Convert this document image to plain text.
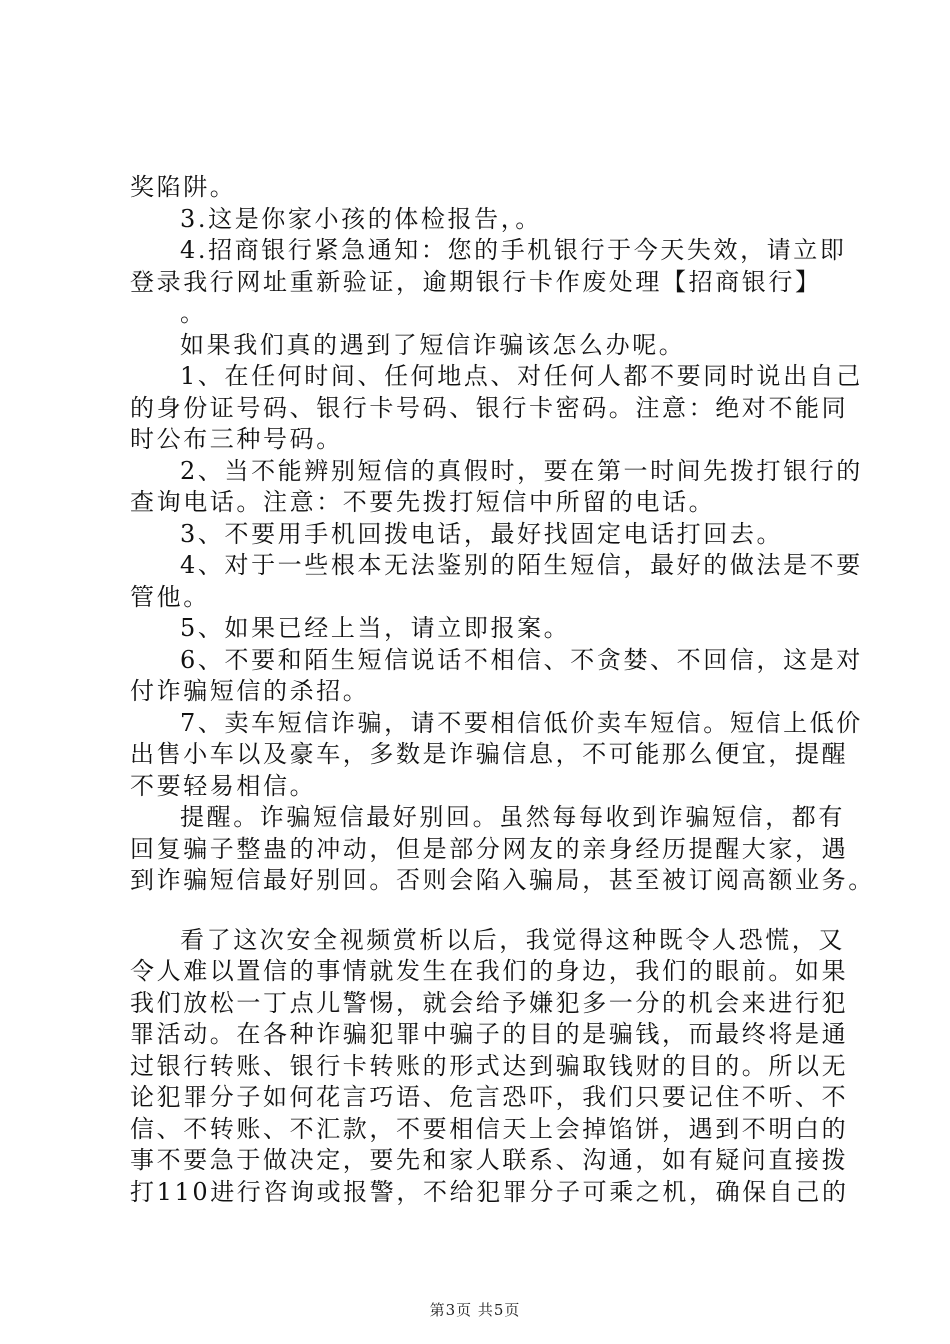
奖陷阱。
3.这是你家小孩的体检报告，。
4.招商银行紧急通知：您的手机银行于今天失效，请立即
登录我行网址重新验证，逾期银行卡作废处理【招商银行】
。
如果我们真的遇到了短信诈骗该怎么办呢。
1、在任何时间、任何地点、对任何人都不要同时说出自己
的身份证号码、银行卡号码、银行卡密码。注意：绝对不能同
时公布三种号码。
2、当不能辨别短信的真假时，要在第一时间先拨打银行的
查询电话。注意：不要先拨打短信中所留的电话。
3、不要用手机回拨电话，最好找固定电话打回去。
4、对于一些根本无法鉴别的陌生短信，最好的做法是不要
管他。
5、如果已经上当，请立即报案。
6、不要和陌生短信说话不相信、不贪婪、不回信，这是对
付诈骗短信的杀招。
7、卖车短信诈骗，请不要相信低价卖车短信。短信上低价
出售小车以及豪车，多数是诈骗信息，不可能那么便宜，提醒
不要轻易相信。
提醒。诈骗短信最好别回。虽然每每收到诈骗短信，都有
回复骗子整蛊的冲动，但是部分网友的亲身经历提醒大家，遇
到诈骗短信最好别回。否则会陷入骗局，甚至被订阅高额业务。
看了这次安全视频赏析以后，我觉得这种既令人恐慌，又
令人难以置信的事情就发生在我们的身边，我们的眼前。如果
我们放松一丁点儿警惕，就会给予嫌犯多一分的机会来进行犯
罪活动。在各种诈骗犯罪中骗子的目的是骗钱，而最终将是通
过银行转账、银行卡转账的形式达到骗取钱财的目的。所以无
论犯罪分子如何花言巧语、危言恐吓，我们只要记住不听、不
信、不转账、不汇款，不要相信天上会掉馅饼，遇到不明白的
事不要急于做决定，要先和家人联系、沟通，如有疑问直接拨
打110进行咨询或报警，不给犯罪分子可乘之机，确保自己的
第3页 共5页
